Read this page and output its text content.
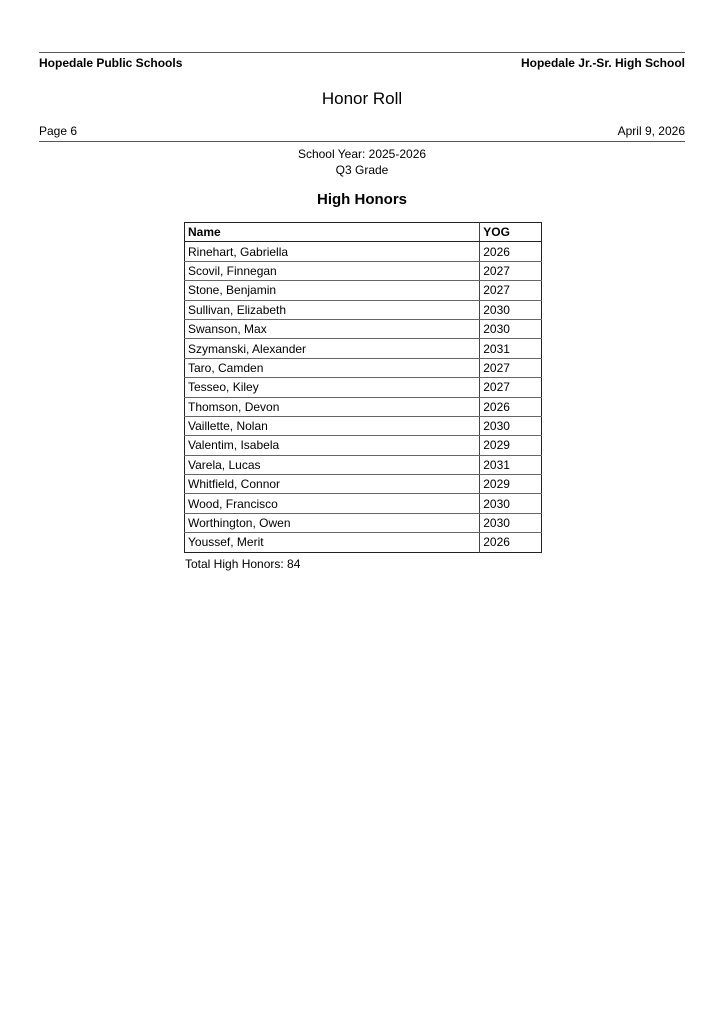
Hopedale Public Schools	Hopedale Jr.-Sr. High School
Honor Roll
Page 6	April 9, 2026
School Year: 2025-2026
Q3 Grade
High Honors
Name	YOG
Rinehart, Gabriella	2026
Scovil, Finnegan	2027
Stone, Benjamin	2027
Sullivan, Elizabeth	2030
Swanson, Max	2030
Szymanski, Alexander	2031
Taro, Camden	2027
Tesseo, Kiley	2027
Thomson, Devon	2026
Vaillette, Nolan	2030
Valentim, Isabela	2029
Varela, Lucas	2031
Whitfield, Connor	2029
Wood, Francisco	2030
Worthington, Owen	2030
Youssef, Merit	2026
Total High Honors: 84
